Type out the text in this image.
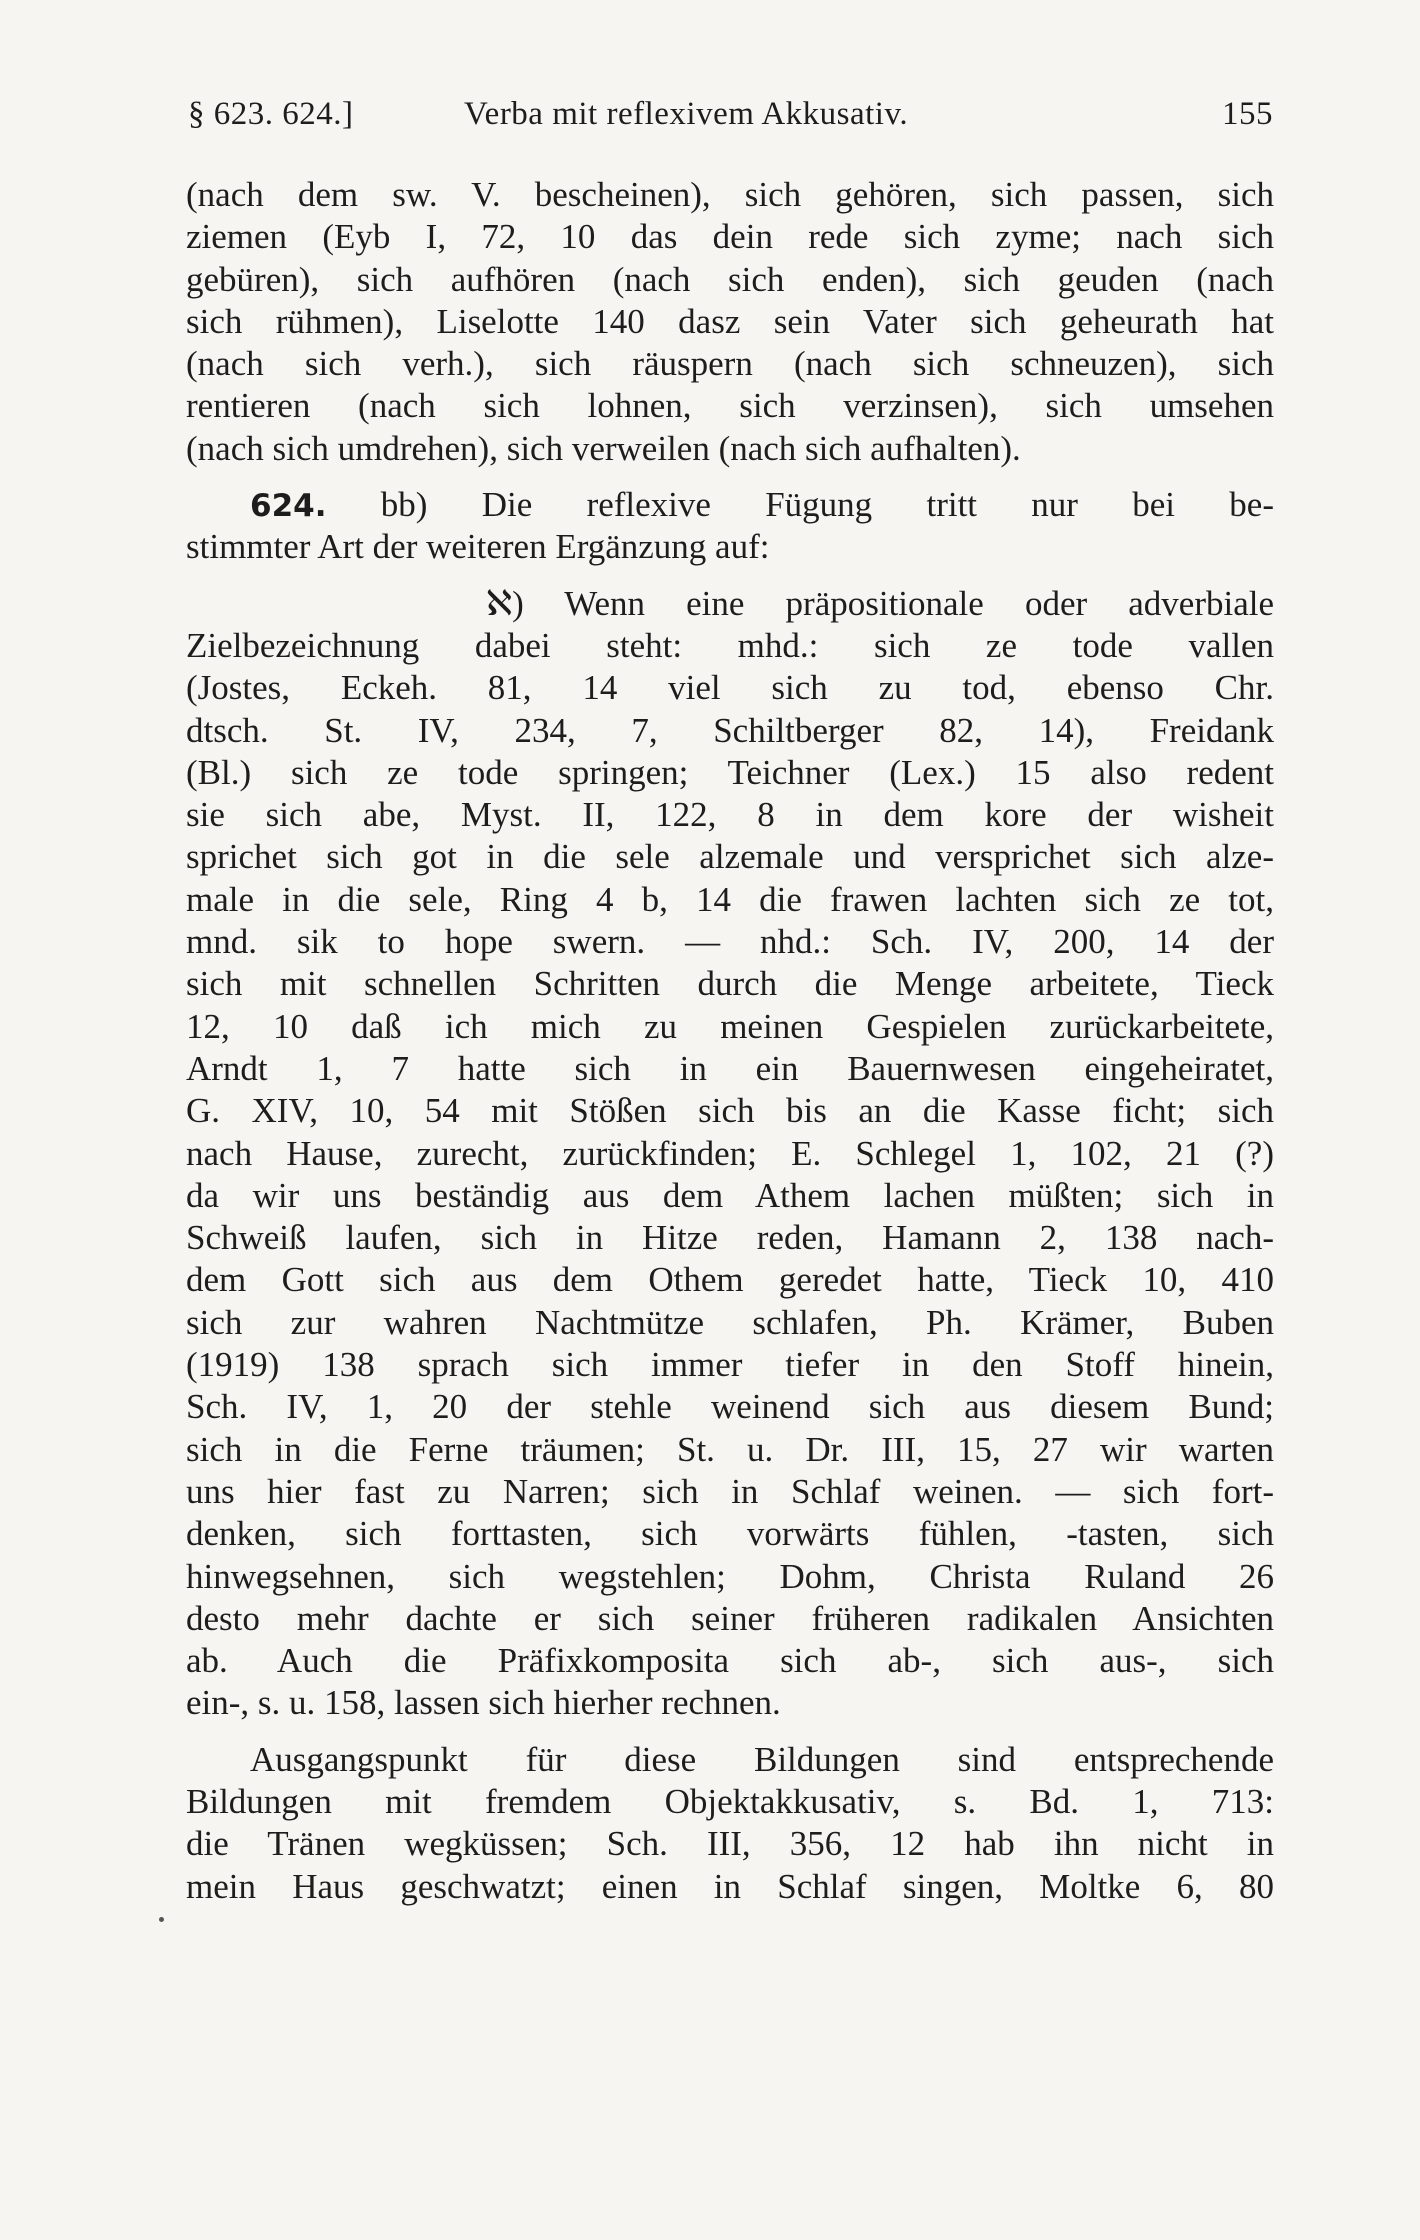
§ 623. 624.]	Verba mit reflexivem Akkusativ.	155
(nach dem sw. V. bescheinen), sich gehören, sich passen, sich
ziemen (Eyb I, 72, 10 das dein rede sich zyme; nach sich
gebüren), sich aufhören (nach sich enden), sich geuden (nach
sich rühmen), Liselotte 140 dasz sein Vater sich geheurath hat
(nach sich verh.), sich räuspern (nach sich schneuzen), sich
rentieren (nach sich lohnen, sich verzinsen), sich umsehen
(nach sich umdrehen), sich verweilen (nach sich aufhalten).
624. bb) Die reflexive Fügung tritt nur bei be-
stimmter Art der weiteren Ergänzung auf:
ℵ) Wenn eine präpositionale oder adverbiale
Zielbezeichnung dabei steht: mhd.: sich ze tode vallen
(Jostes, Eckeh. 81, 14 viel sich zu tod, ebenso Chr.
dtsch. St. IV, 234, 7, Schiltberger 82, 14), Freidank
(Bl.) sich ze tode springen; Teichner (Lex.) 15 also redent
sie sich abe, Myst. II, 122, 8 in dem kore der wisheit
sprichet sich got in die sele alzemale und versprichet sich alze-
male in die sele, Ring 4 b, 14 die frawen lachten sich ze tot,
mnd. sik to hope swern. — nhd.: Sch. IV, 200, 14 der
sich mit schnellen Schritten durch die Menge arbeitete, Tieck
12, 10 daß ich mich zu meinen Gespielen zurückarbeitete,
Arndt 1, 7 hatte sich in ein Bauernwesen eingeheiratet,
G. XIV, 10, 54 mit Stößen sich bis an die Kasse ficht; sich
nach Hause, zurecht, zurückfinden; E. Schlegel 1, 102, 21 (?)
da wir uns beständig aus dem Athem lachen müßten; sich in
Schweiß laufen, sich in Hitze reden, Hamann 2, 138 nach-
dem Gott sich aus dem Othem geredet hatte, Tieck 10, 410
sich zur wahren Nachtmütze schlafen, Ph. Krämer, Buben
(1919) 138 sprach sich immer tiefer in den Stoff hinein,
Sch. IV, 1, 20 der stehle weinend sich aus diesem Bund;
sich in die Ferne träumen; St. u. Dr. III, 15, 27 wir warten
uns hier fast zu Narren; sich in Schlaf weinen. — sich fort-
denken, sich forttasten, sich vorwärts fühlen, -tasten, sich
hinwegsehnen, sich wegstehlen; Dohm, Christa Ruland 26
desto mehr dachte er sich seiner früheren radikalen Ansichten
ab. Auch die Präfixkomposita sich ab-, sich aus-, sich
ein-, s. u. 158, lassen sich hierher rechnen.
Ausgangspunkt für diese Bildungen sind entsprechende
Bildungen mit fremdem Objektakkusativ, s. Bd. 1, 713:
die Tränen wegküssen; Sch. III, 356, 12 hab ihn nicht in
mein Haus geschwatzt; einen in Schlaf singen, Moltke 6, 80
